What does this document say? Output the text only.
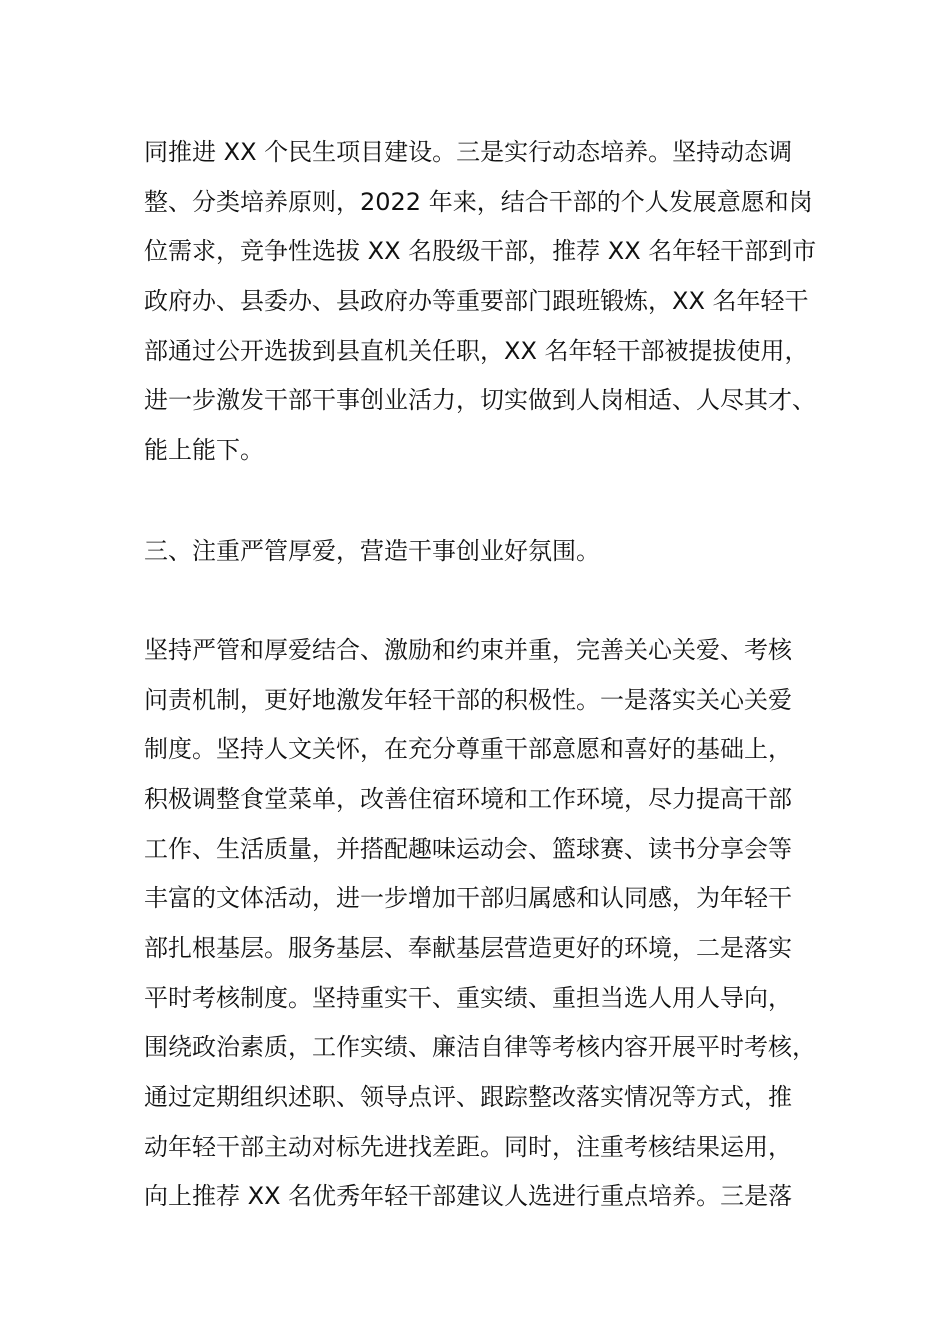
同推进 XX 个民生项目建设。三是实行动态培养。坚持动态调
整、分类培养原则，2022 年来，结合干部的个人发展意愿和岗
位需求，竞争性选拔 XX 名股级干部，推荐 XX 名年轻干部到市
政府办、县委办、县政府办等重要部门跟班锻炼，XX 名年轻干
部通过公开选拔到县直机关任职，XX 名年轻干部被提拔使用，
进一步激发干部干事创业活力，切实做到人岗相适、人尽其才、
能上能下。
三、注重严管厚爱，营造干事创业好氛围。
坚持严管和厚爱结合、激励和约束并重，完善关心关爱、考核
问责机制，更好地激发年轻干部的积极性。一是落实关心关爱
制度。坚持人文关怀，在充分尊重干部意愿和喜好的基础上，
积极调整食堂菜单，改善住宿环境和工作环境，尽力提高干部
工作、生活质量，并搭配趣味运动会、篮球赛、读书分享会等
丰富的文体活动，进一步增加干部归属感和认同感，为年轻干
部扎根基层。服务基层、奉献基层营造更好的环境，二是落实
平时考核制度。坚持重实干、重实绩、重担当选人用人导向，
围绕政治素质，工作实绩、廉洁自律等考核内容开展平时考核，
通过定期组织述职、领导点评、跟踪整改落实情况等方式，推
动年轻干部主动对标先进找差距。同时，注重考核结果运用，
向上推荐 XX 名优秀年轻干部建议人选进行重点培养。三是落
